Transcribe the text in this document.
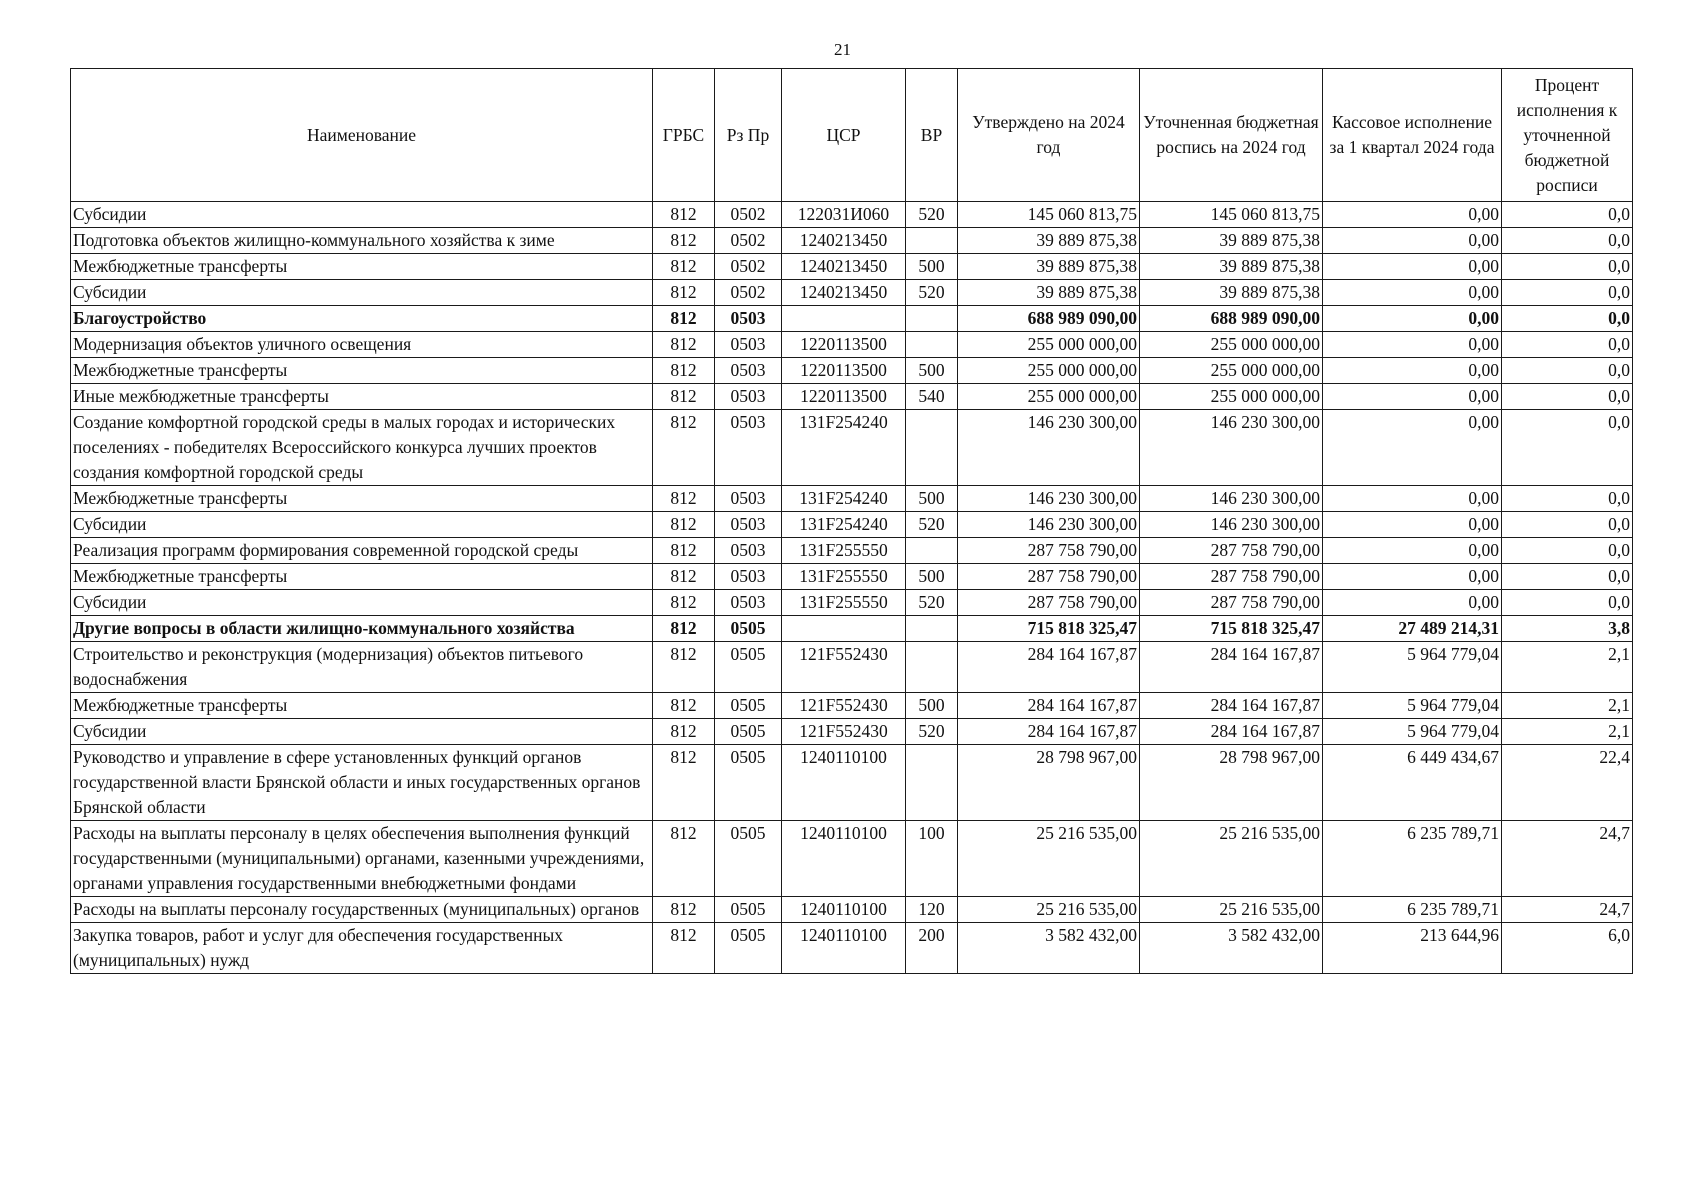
21
Наименование	ГРБС	Рз Пр	ЦСР	ВР	Утверждено на 2024 год	Уточненная бюджетная роспись на 2024 год	Кассовое исполнение за 1 квартал 2024 года	Процент исполнения к уточненной бюджетной росписи
Субсидии	812	0502	122031И060	520	145 060 813,75	145 060 813,75	0,00	0,0
Подготовка объектов жилищно-коммунального хозяйства к зиме	812	0502	1240213450		39 889 875,38	39 889 875,38	0,00	0,0
Межбюджетные трансферты	812	0502	1240213450	500	39 889 875,38	39 889 875,38	0,00	0,0
Субсидии	812	0502	1240213450	520	39 889 875,38	39 889 875,38	0,00	0,0
Благоустройство	812	0503			688 989 090,00	688 989 090,00	0,00	0,0
Модернизация объектов уличного освещения	812	0503	1220113500		255 000 000,00	255 000 000,00	0,00	0,0
Межбюджетные трансферты	812	0503	1220113500	500	255 000 000,00	255 000 000,00	0,00	0,0
Иные межбюджетные трансферты	812	0503	1220113500	540	255 000 000,00	255 000 000,00	0,00	0,0
Создание комфортной городской среды в малых городах и исторических поселениях - победителях Всероссийского конкурса лучших проектов создания комфортной городской среды	812	0503	131F254240		146 230 300,00	146 230 300,00	0,00	0,0
Межбюджетные трансферты	812	0503	131F254240	500	146 230 300,00	146 230 300,00	0,00	0,0
Субсидии	812	0503	131F254240	520	146 230 300,00	146 230 300,00	0,00	0,0
Реализация программ формирования современной городской среды	812	0503	131F255550		287 758 790,00	287 758 790,00	0,00	0,0
Межбюджетные трансферты	812	0503	131F255550	500	287 758 790,00	287 758 790,00	0,00	0,0
Субсидии	812	0503	131F255550	520	287 758 790,00	287 758 790,00	0,00	0,0
Другие вопросы в области жилищно-коммунального хозяйства	812	0505			715 818 325,47	715 818 325,47	27 489 214,31	3,8
Строительство и реконструкция (модернизация) объектов питьевого водоснабжения	812	0505	121F552430		284 164 167,87	284 164 167,87	5 964 779,04	2,1
Межбюджетные трансферты	812	0505	121F552430	500	284 164 167,87	284 164 167,87	5 964 779,04	2,1
Субсидии	812	0505	121F552430	520	284 164 167,87	284 164 167,87	5 964 779,04	2,1
Руководство и управление в сфере установленных функций органов государственной власти Брянской области и иных государственных органов Брянской области	812	0505	1240110100		28 798 967,00	28 798 967,00	6 449 434,67	22,4
Расходы на выплаты персоналу в целях обеспечения выполнения функций государственными (муниципальными) органами, казенными учреждениями, органами управления государственными внебюджетными фондами	812	0505	1240110100	100	25 216 535,00	25 216 535,00	6 235 789,71	24,7
Расходы на выплаты персоналу государственных (муниципальных) органов	812	0505	1240110100	120	25 216 535,00	25 216 535,00	6 235 789,71	24,7
Закупка товаров, работ и услуг для обеспечения государственных (муниципальных) нужд	812	0505	1240110100	200	3 582 432,00	3 582 432,00	213 644,96	6,0
